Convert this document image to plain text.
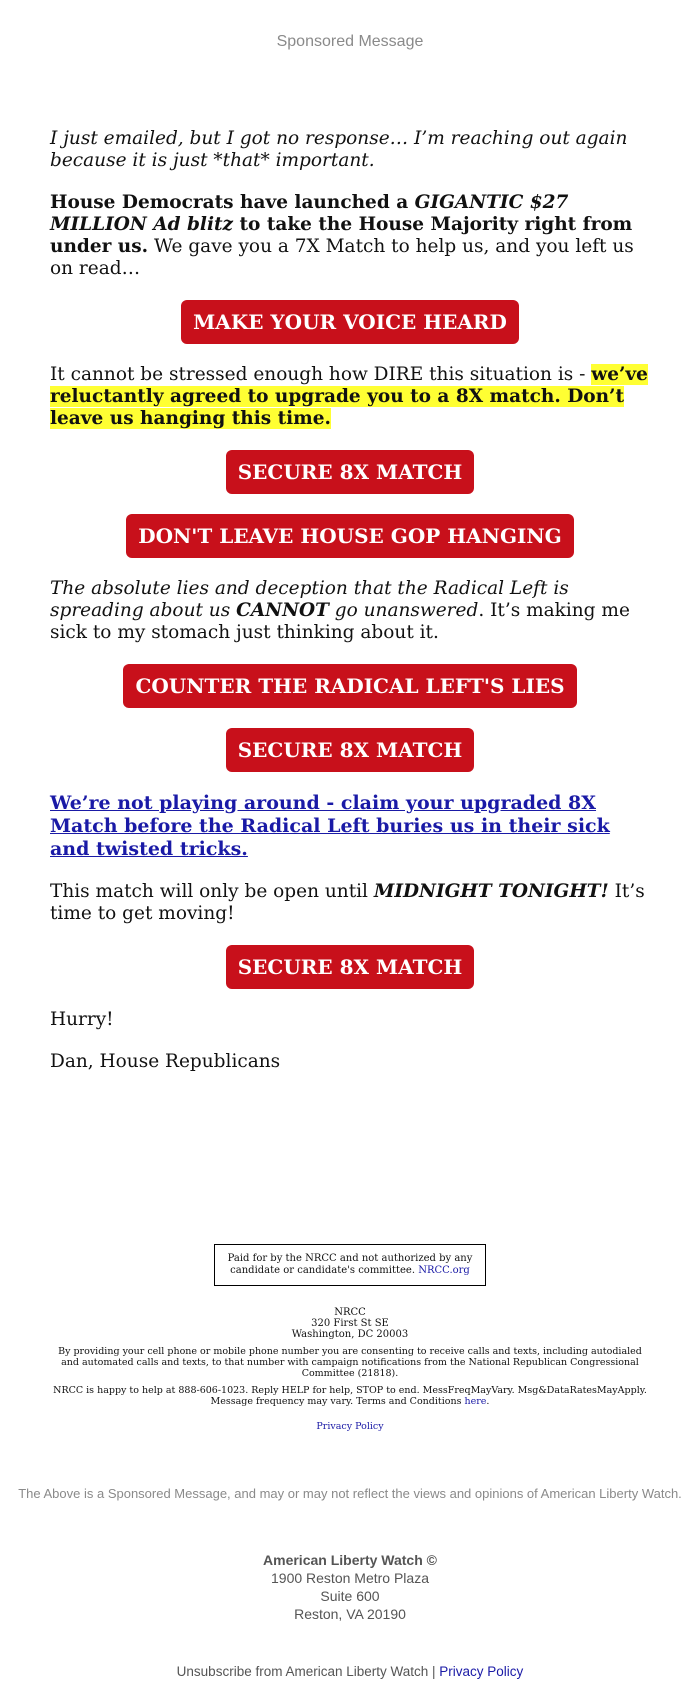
Sponsored Message

I just emailed, but I got no response… I’m reaching out again because it is just *that* important.

House Democrats have launched a GIGANTIC $27 MILLION Ad blitz to take the House Majority right from under us. We gave you a 7X Match to help us, and you left us on read…

MAKE YOUR VOICE HEARD

It cannot be stressed enough how DIRE this situation is - we’ve reluctantly agreed to upgrade you to a 8X match. Don’t leave us hanging this time.

SECURE 8X MATCH
DON'T LEAVE HOUSE GOP HANGING

The absolute lies and deception that the Radical Left is spreading about us CANNOT go unanswered. It’s making me sick to my stomach just thinking about it.

COUNTER THE RADICAL LEFT'S LIES
SECURE 8X MATCH

We’re not playing around - claim your upgraded 8X Match before the Radical Left buries us in their sick and twisted tricks.

This match will only be open until MIDNIGHT TONIGHT! It’s time to get moving!

SECURE 8X MATCH

Hurry!

Dan, House Republicans

Paid for by the NRCC and not authorized by any candidate or candidate's committee. NRCC.org
NRCC
320 First St SE
Washington, DC 20003

By providing your cell phone or mobile phone number you are consenting to receive calls and texts, including autodialed and automated calls and texts, to that number with campaign notifications from the National Republican Congressional Committee (21818).

NRCC is happy to help at 888-606-1023. Reply HELP for help, STOP to end. MessFreqMayVary. Msg&DataRatesMayApply. Message frequency may vary. Terms and Conditions here.

Privacy Policy
The Above is a Sponsored Message, and may or may not reflect the views and opinions of American Liberty Watch.
American Liberty Watch ©
1900 Reston Metro Plaza
Suite 600
Reston, VA 20190
Unsubscribe from American Liberty Watch | Privacy Policy
